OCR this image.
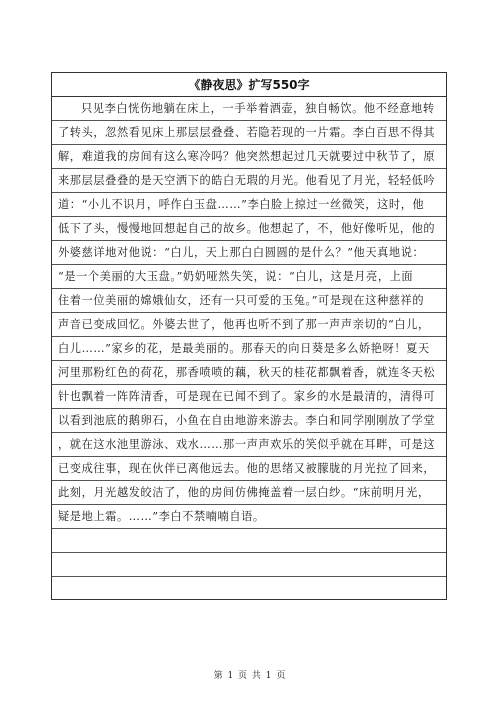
《静夜思》扩写550字
只见李白恍伤地躺在床上，一手举着酒壶，独自畅饮。他不经意地转
了转头，忽然看见床上那层层叠叠、若隐若现的一片霜。李白百思不得其
解，难道我的房间有这么寒冷吗？他突然想起过几天就要过中秋节了，原
来那层层叠叠的是天空洒下的皓白无瑕的月光。他看见了月光，轻轻低吟
道：“小儿不识月，呼作白玉盘……”李白脸上掠过一丝微笑，这时，他
低下了头，慢慢地回想起自己的故乡。他想起了，不，他好像听见，他的
外婆慈详地对他说：“白儿，天上那白白圆圆的是什么？”他天真地说：
“是一个美丽的大玉盘。”奶奶哑然失笑，说：“白儿，这是月亮，上面
住着一位美丽的嫦娥仙女，还有一只可爱的玉兔。”可是现在这种慈祥的
声音已变成回忆。外婆去世了，他再也听不到了那一声声亲切的“白儿，
白儿……”家乡的花，是最美丽的。那春天的向日葵是多么娇艳呀！夏天
河里那粉红色的荷花，那香喷喷的藕，秋天的桂花都飘着香，就连冬天松
针也飘着一阵阵清香，可是现在已闻不到了。家乡的水是最清的，清得可
以看到池底的鹅卵石，小鱼在自由地游来游去。李白和同学刚刚放了学堂
，就在这水池里游泳、戏水……那一声声欢乐的笑似乎就在耳畔，可是这
已变成往事，现在伙伴已离他远去。他的思绪又被朦胧的月光拉了回来，
此刻，月光越发皎洁了，他的房间仿佛掩盖着一层白纱。“床前明月光，
疑是地上霜。……”李白不禁喃喃自语。
第 1 页 共 1 页
